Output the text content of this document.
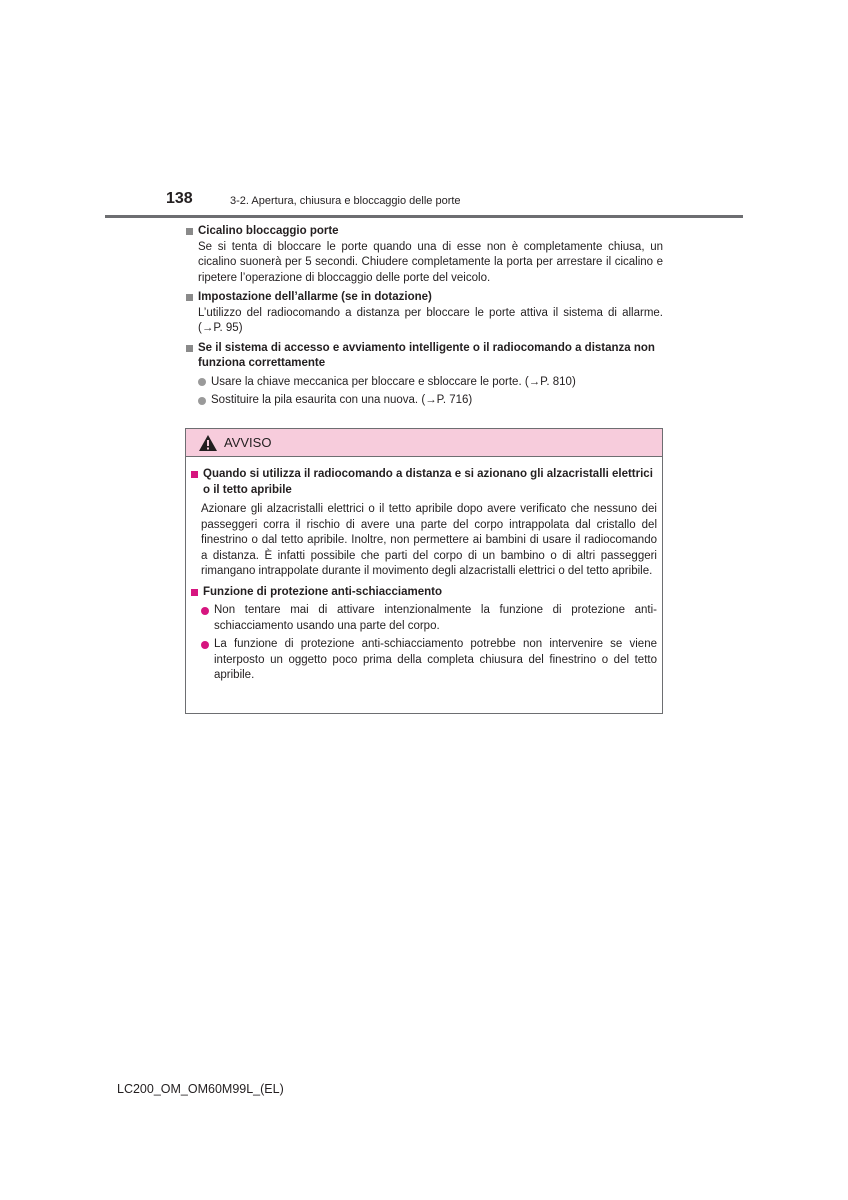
138	3-2. Apertura, chiusura e bloccaggio delle porte
Cicalino bloccaggio porte
Se si tenta di bloccare le porte quando una di esse non è completamente chiusa, un cicalino suonerà per 5 secondi. Chiudere completamente la porta per arrestare il cicalino e ripetere l’operazione di bloccaggio delle porte del veicolo.
Impostazione dell’allarme (se in dotazione)
L’utilizzo del radiocomando a distanza per bloccare le porte attiva il sistema di allarme. (→P. 95)
Se il sistema di accesso e avviamento intelligente o il radiocomando a distanza non funziona correttamente
Usare la chiave meccanica per bloccare e sbloccare le porte. (→P. 810)
Sostituire la pila esaurita con una nuova. (→P. 716)
AVVISO
Quando si utilizza il radiocomando a distanza e si azionano gli alzacristalli elettrici o il tetto apribile
Azionare gli alzacristalli elettrici o il tetto apribile dopo avere verificato che nessuno dei passeggeri corra il rischio di avere una parte del corpo intrappolata dal cristallo del finestrino o dal tetto apribile. Inoltre, non permettere ai bambini di usare il radiocomando a distanza. È infatti possibile che parti del corpo di un bambino o di altri passeggeri rimangano intrappolate durante il movimento degli alzacristalli elettrici o del tetto apribile.
Funzione di protezione anti-schiacciamento
Non tentare mai di attivare intenzionalmente la funzione di protezione anti-schiacciamento usando una parte del corpo.
La funzione di protezione anti-schiacciamento potrebbe non intervenire se viene interposto un oggetto poco prima della completa chiusura del finestrino o del tetto apribile.
LC200_OM_OM60M99L_(EL)
